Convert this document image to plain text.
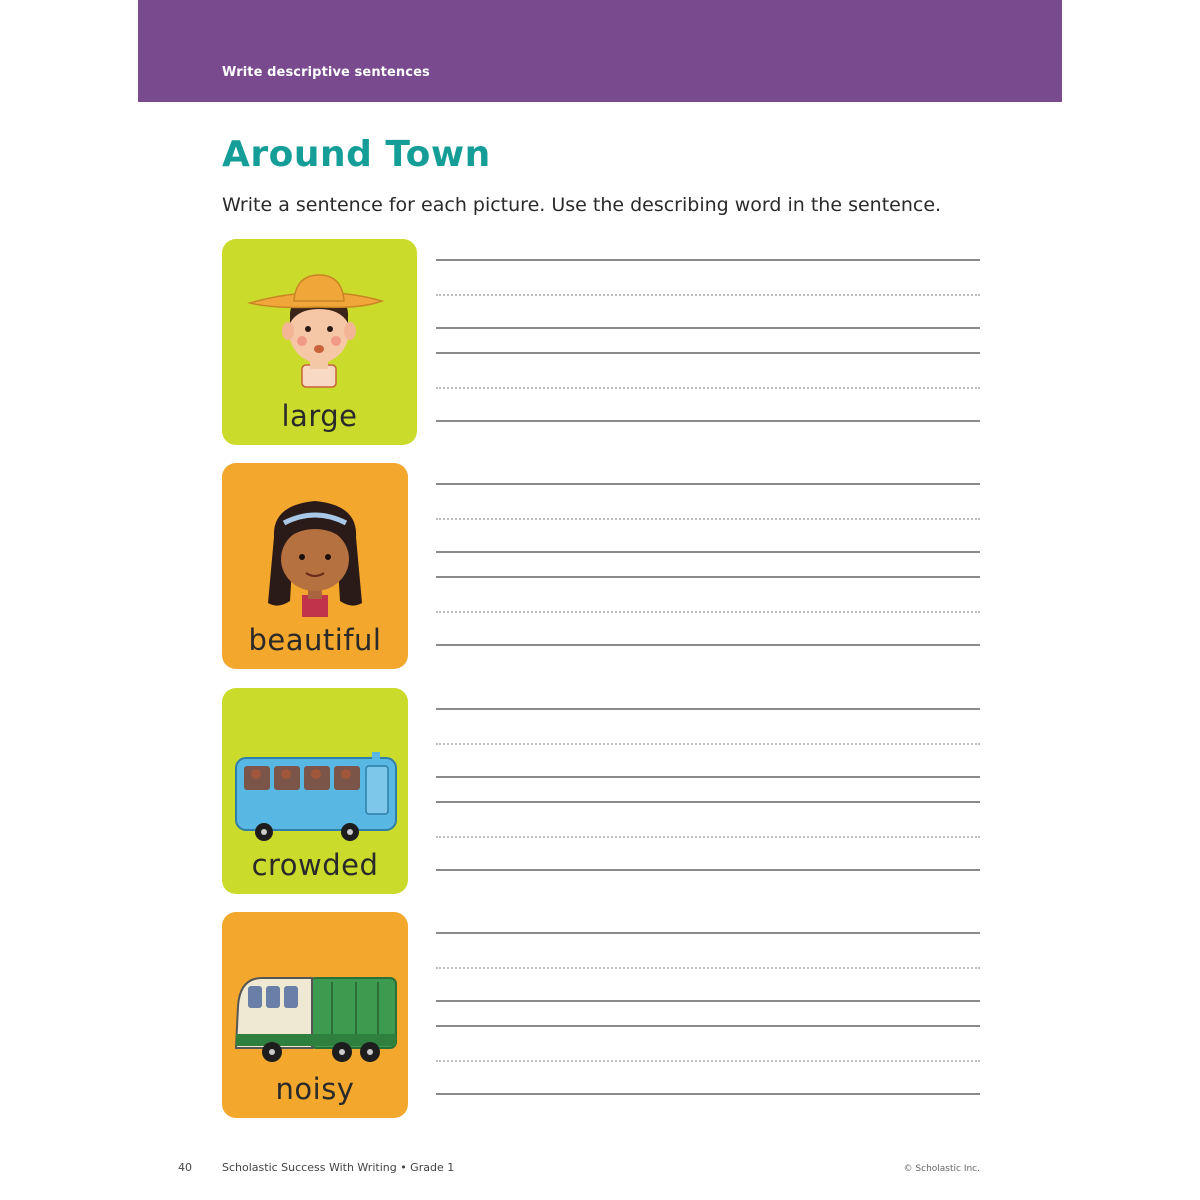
Write descriptive sentences
Around Town

Write a sentence for each picture. Use the describing word in the sentence.

large
beautiful
crowded
noisy
40	Scholastic Success With Writing • Grade 1	© Scholastic Inc.
